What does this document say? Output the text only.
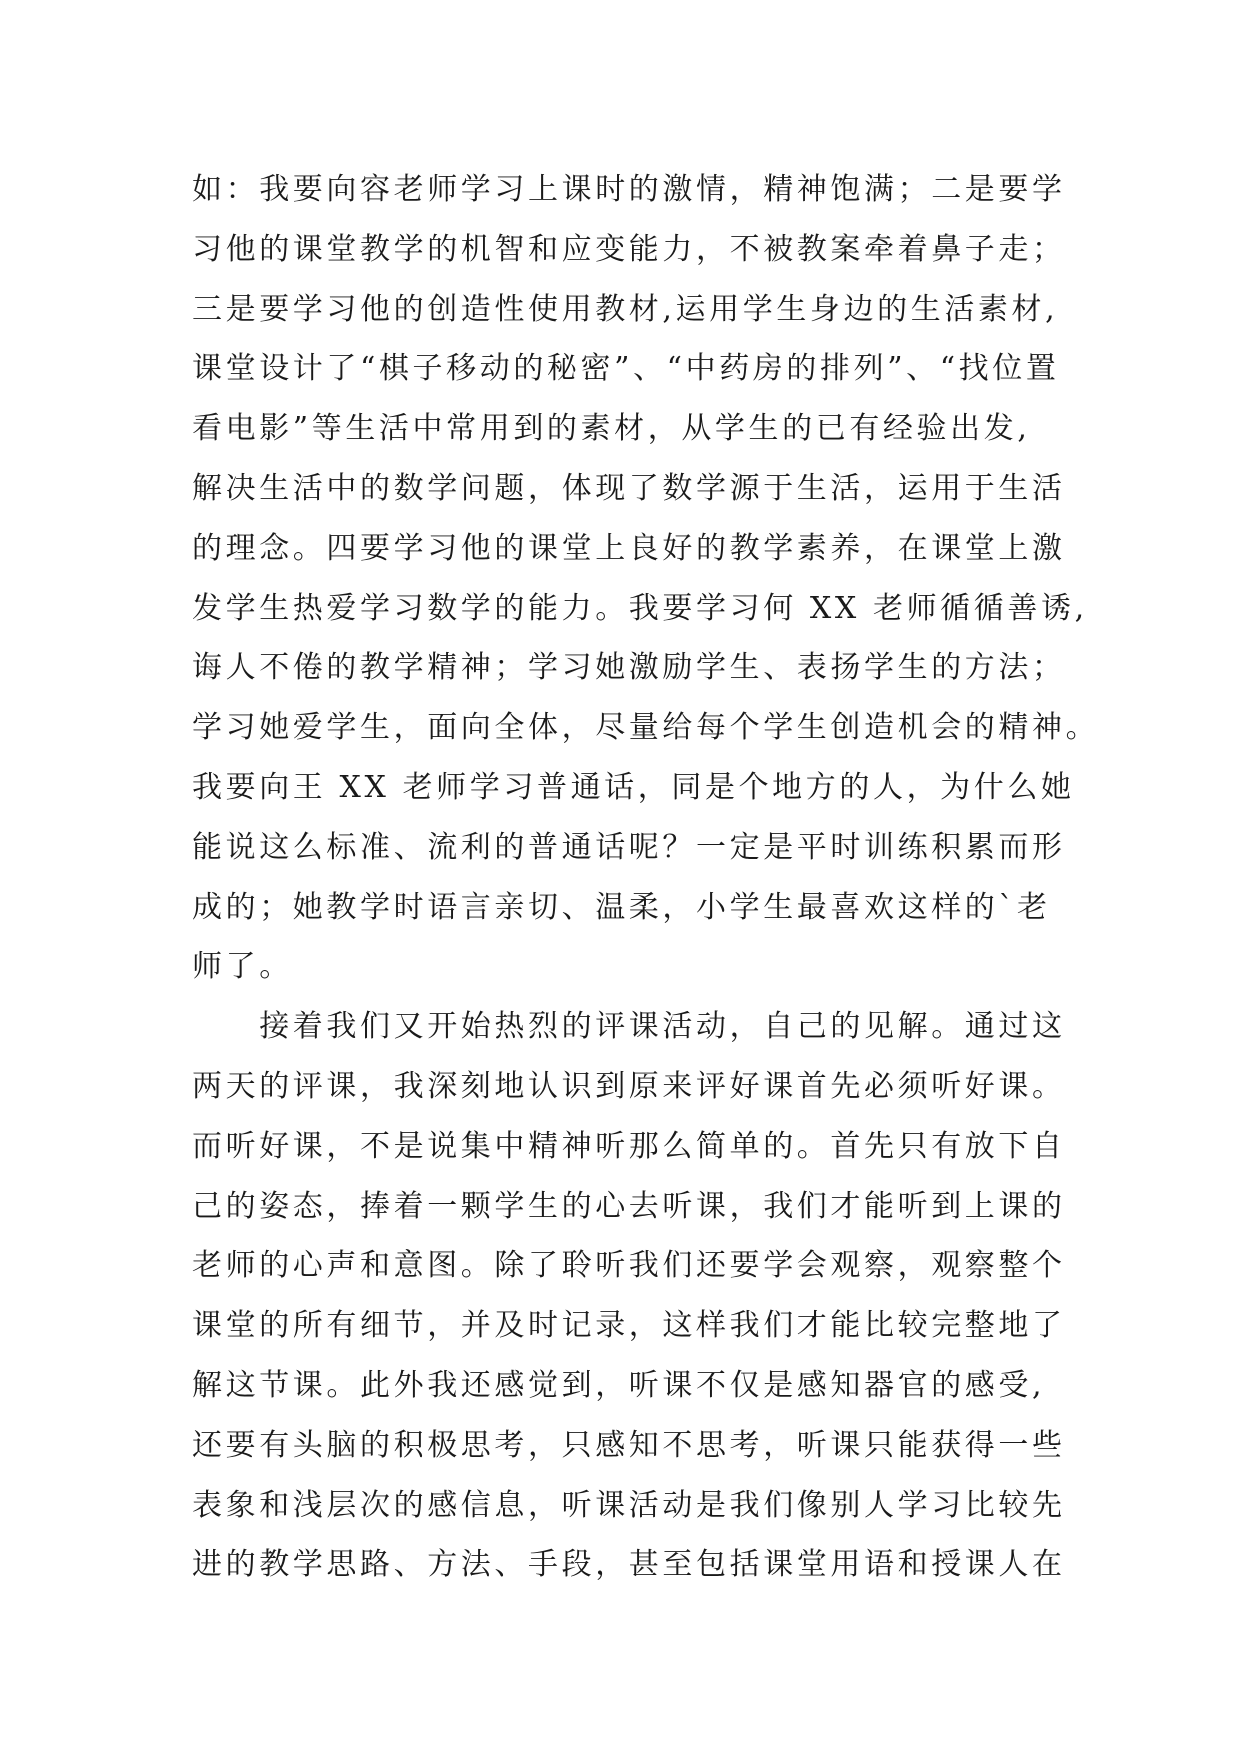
如：我要向容老师学习上课时的激情，精神饱满；二是要学
习他的课堂教学的机智和应变能力，不被教案牵着鼻子走；
三是要学习他的创造性使用教材,运用学生身边的生活素材,
课堂设计了“棋子移动的秘密”、“中药房的排列”、“找位置
看电影”等生活中常用到的素材，从学生的已有经验出发,
解决生活中的数学问题，体现了数学源于生活，运用于生活
的理念。四要学习他的课堂上良好的教学素养，在课堂上激
发学生热爱学习数学的能力。我要学习何 XX 老师循循善诱,
诲人不倦的教学精神；学习她激励学生、表扬学生的方法；
学习她爱学生，面向全体，尽量给每个学生创造机会的精神。
我要向王 XX 老师学习普通话，同是个地方的人，为什么她
能说这么标准、流利的普通话呢？一定是平时训练积累而形
成的；她教学时语言亲切、温柔，小学生最喜欢这样的`老
师了。
　　接着我们又开始热烈的评课活动，自己的见解。通过这
两天的评课，我深刻地认识到原来评好课首先必须听好课。
而听好课，不是说集中精神听那么简单的。首先只有放下自
己的姿态，捧着一颗学生的心去听课，我们才能听到上课的
老师的心声和意图。除了聆听我们还要学会观察，观察整个
课堂的所有细节，并及时记录，这样我们才能比较完整地了
解这节课。此外我还感觉到，听课不仅是感知器官的感受,
还要有头脑的积极思考，只感知不思考，听课只能获得一些
表象和浅层次的感信息，听课活动是我们像别人学习比较先
进的教学思路、方法、手段，甚至包括课堂用语和授课人在
